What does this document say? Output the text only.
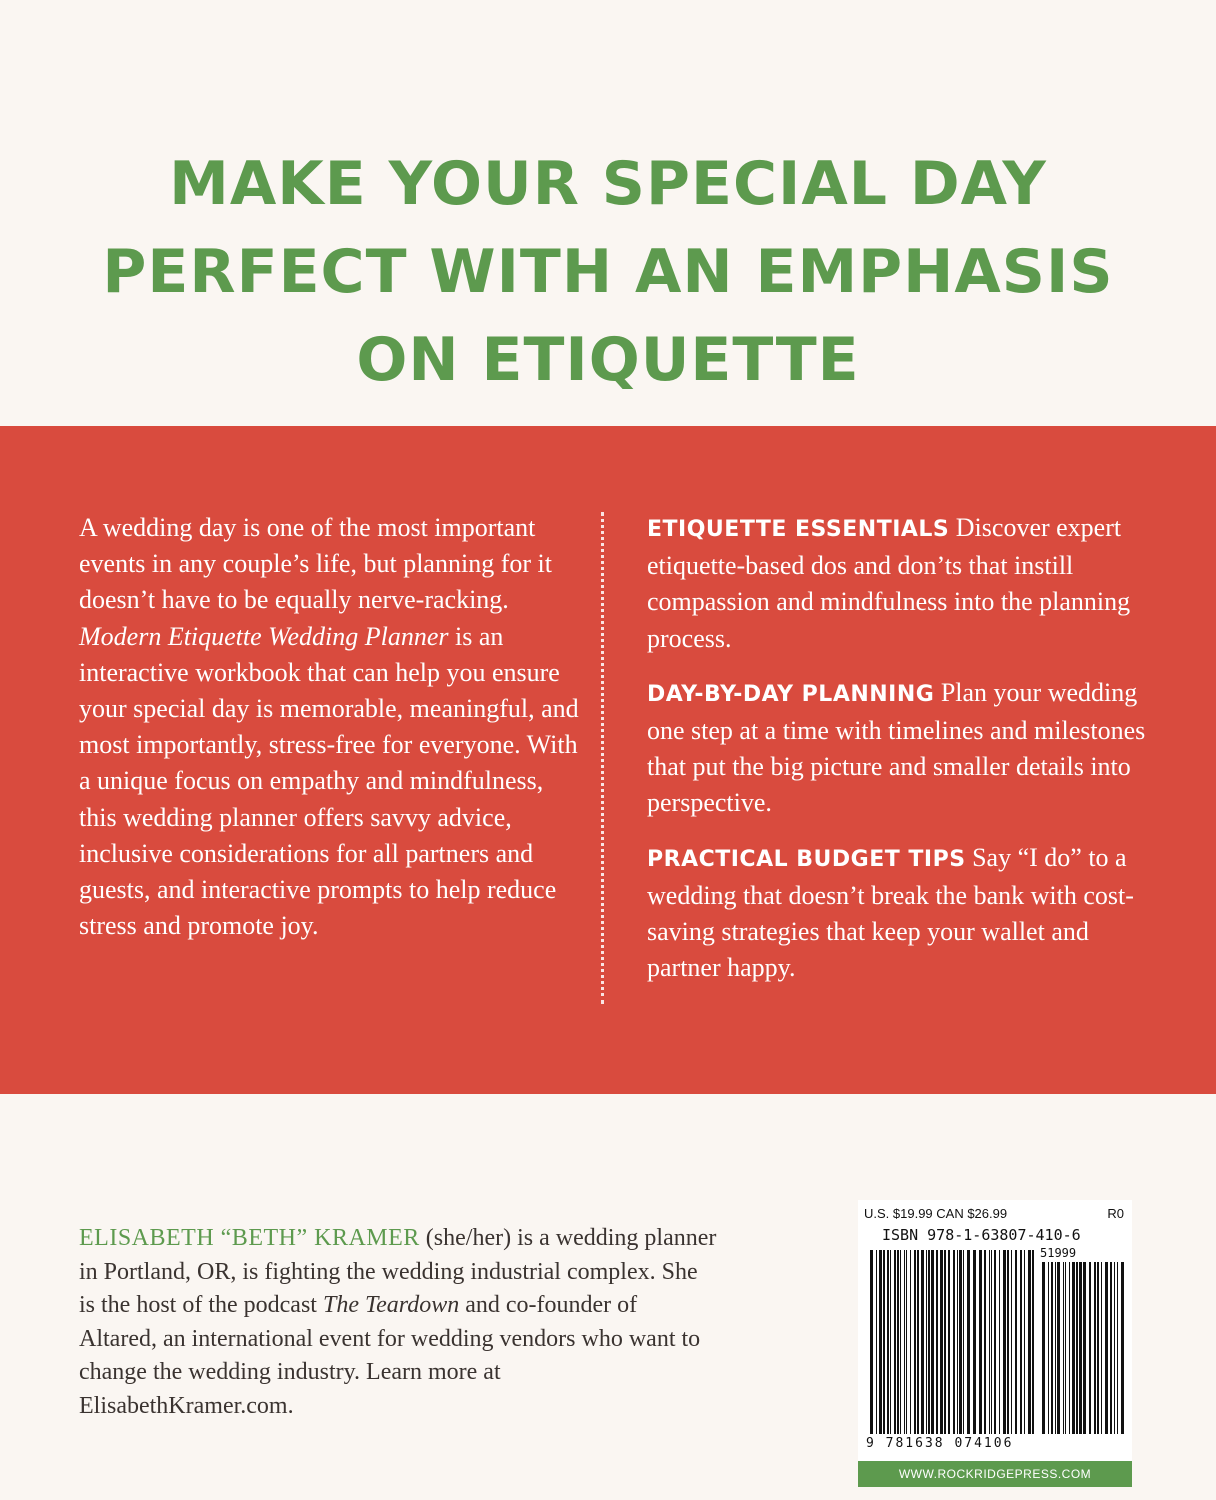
MAKE YOUR SPECIAL DAY
PERFECT WITH AN EMPHASIS
ON ETIQUETTE
A wedding day is one of the most important events in any couple’s life, but planning for it doesn’t have to be equally nerve-racking. Modern Etiquette Wedding Planner is an interactive workbook that can help you ensure your special day is memorable, meaningful, and most importantly, stress-free for everyone. With a unique focus on empathy and mindfulness, this wedding planner offers savvy advice, inclusive considerations for all partners and guests, and interactive prompts to help reduce stress and promote joy.

ETIQUETTE ESSENTIALS Discover expert etiquette-based dos and don’ts that instill compassion and mindfulness into the planning process.

DAY-BY-DAY PLANNING Plan your wedding one step at a time with timelines and milestones that put the big picture and smaller details into perspective.

PRACTICAL BUDGET TIPS Say “I do” to a wedding that doesn’t break the bank with cost-saving strategies that keep your wallet and partner happy.

ELISABETH “BETH” KRAMER (she/her) is a wedding planner in Portland, OR, is fighting the wedding industrial complex. She is the host of the podcast The Teardown and co-founder of Altared, an international event for wedding vendors who want to change the wedding industry. Learn more at ElisabethKramer.com.
U.S. $19.99 CAN $26.99	R0
ISBN 978-1-63807-410-6
51999
9 781638 074106
WWW.ROCKRIDGEPRESS.COM
